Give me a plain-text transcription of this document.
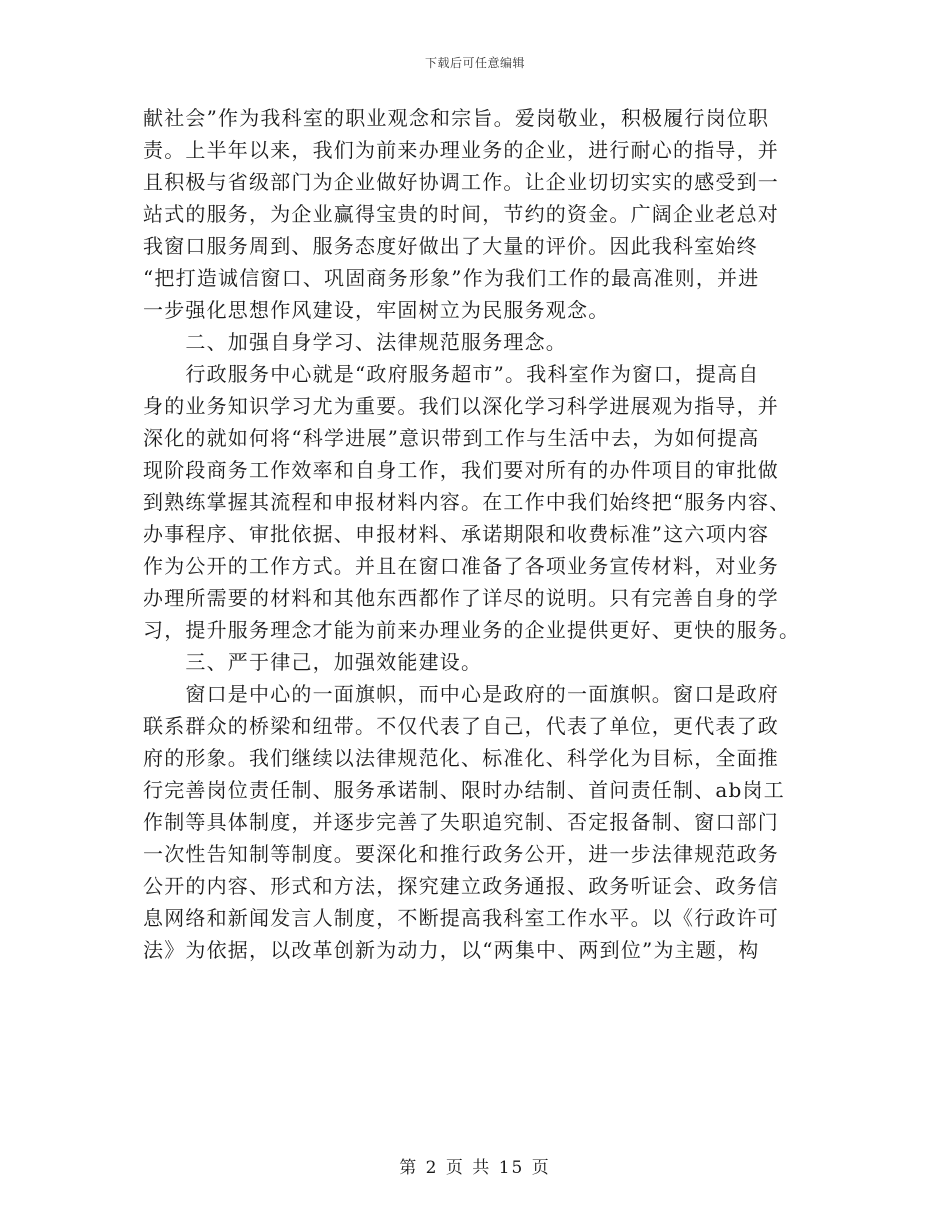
下载后可任意编辑
献社会”作为我科室的职业观念和宗旨。爱岗敬业，积极履行岗位职
责。上半年以来，我们为前来办理业务的企业，进行耐心的指导，并
且积极与省级部门为企业做好协调工作。让企业切切实实的感受到一
站式的服务，为企业赢得宝贵的时间，节约的资金。广阔企业老总对
我窗口服务周到、服务态度好做出了大量的评价。因此我科室始终
“把打造诚信窗口、巩固商务形象”作为我们工作的最高准则，并进
一步强化思想作风建设，牢固树立为民服务观念。
　　二、加强自身学习、法律规范服务理念。
　　行政服务中心就是“政府服务超市”。我科室作为窗口，提高自
身的业务知识学习尤为重要。我们以深化学习科学进展观为指导，并
深化的就如何将“科学进展”意识带到工作与生活中去，为如何提高
现阶段商务工作效率和自身工作，我们要对所有的办件项目的审批做
到熟练掌握其流程和申报材料内容。在工作中我们始终把“服务内容、
办事程序、审批依据、申报材料、承诺期限和收费标准”这六项内容
作为公开的工作方式。并且在窗口准备了各项业务宣传材料，对业务
办理所需要的材料和其他东西都作了详尽的说明。只有完善自身的学
习，提升服务理念才能为前来办理业务的企业提供更好、更快的服务。
　　三、严于律己，加强效能建设。
　　窗口是中心的一面旗帜，而中心是政府的一面旗帜。窗口是政府
联系群众的桥梁和纽带。不仅代表了自己，代表了单位，更代表了政
府的形象。我们继续以法律规范化、标准化、科学化为目标，全面推
行完善岗位责任制、服务承诺制、限时办结制、首问责任制、ab岗工
作制等具体制度，并逐步完善了失职追究制、否定报备制、窗口部门
一次性告知制等制度。要深化和推行政务公开，进一步法律规范政务
公开的内容、形式和方法，探究建立政务通报、政务听证会、政务信
息网络和新闻发言人制度，不断提高我科室工作水平。以《行政许可
法》为依据，以改革创新为动力，以“两集中、两到位”为主题，构
第 2 页 共 15 页
